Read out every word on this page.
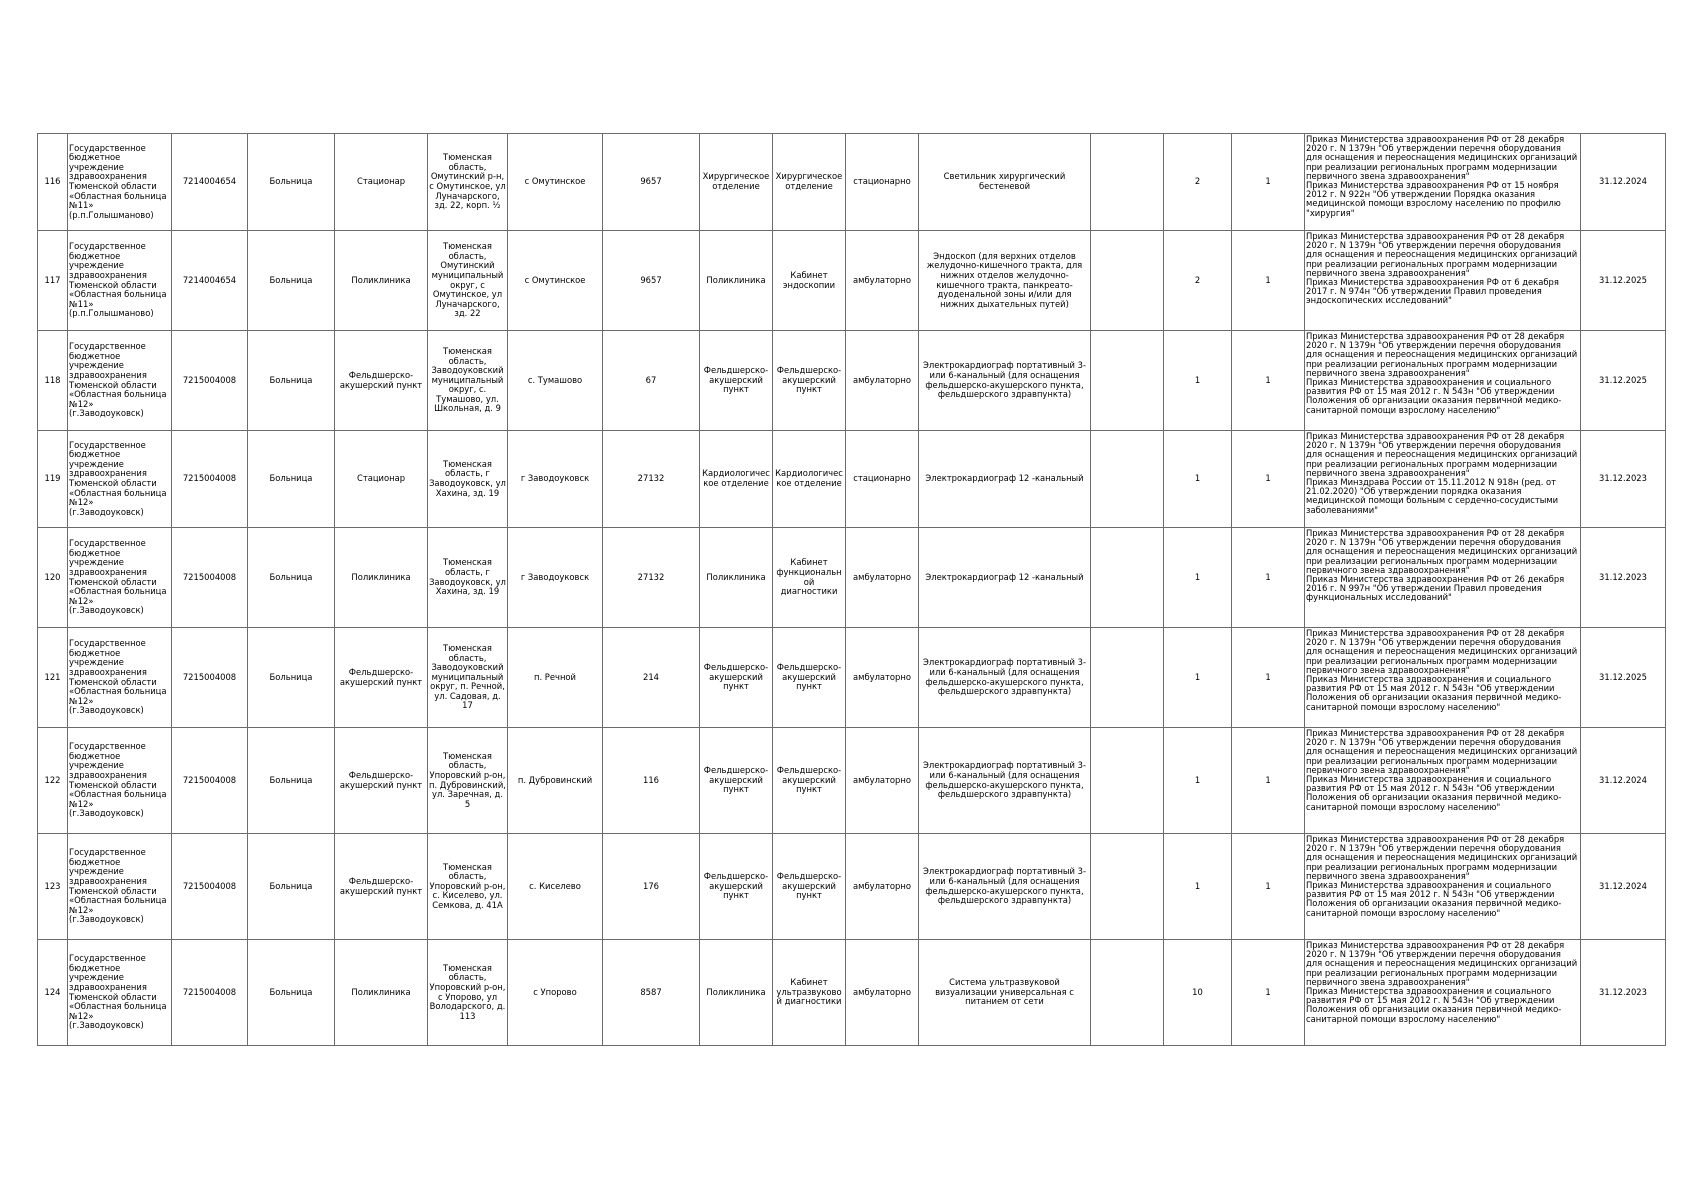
116	Государственное бюджетное учреждение здравоохранения Тюменской области «Областная больница №11» (р.п.Голышманово)	7214004654	Больница	Стационар	Тюменская область, Омутинский р-н, с Омутинское, ул Луначарского, зд. 22, корп. ½	с Омутинское	9657	Хирургическое отделение	Хирургическое отделение	стационарно	Светильник хирургический бестеневой		2	1	Приказ Министерства здравоохранения РФ от 28 декабря 2020 г. N 1379н "Об утверждении перечня оборудования для оснащения и переоснащения медицинских организаций при реализации региональных программ модернизации первичного звена здравоохранения"
Приказ Министерства здравоохранения РФ от 15 ноября 2012 г. N 922н "Об утверждении Порядка оказания медицинской помощи взрослому населению по профилю "хирургия"	31.12.2024
117	Государственное бюджетное учреждение здравоохранения Тюменской области «Областная больница №11» (р.п.Голышманово)	7214004654	Больница	Поликлиника	Тюменская область, Омутинский муниципальный округ, с Омутинское, ул Луначарского, зд. 22	с Омутинское	9657	Поликлиника	Кабинет эндоскопии	амбулаторно	Эндоскоп (для верхних отделов желудочно-кишечного тракта, для нижних отделов желудочно-кишечного тракта, панкреато-дуоденальной зоны и/или для нижних дыхательных путей)		2	1	Приказ Министерства здравоохранения РФ от 28 декабря 2020 г. N 1379н "Об утверждении перечня оборудования для оснащения и переоснащения медицинских организаций при реализации региональных программ модернизации первичного звена здравоохранения"
Приказ Министерства здравоохранения РФ от 6 декабря 2017 г. N 974н "Об утверждении Правил проведения эндоскопических исследований"	31.12.2025
118	Государственное бюджетное учреждение здравоохранения Тюменской области «Областная больница №12» (г.Заводоуковск)	7215004008	Больница	Фельдшерско-акушерский пункт	Тюменская область, Заводоуковский муниципальный округ, с. Тумашово, ул. Школьная, д. 9	с. Тумашово	67	Фельдшерско-акушерский пункт	Фельдшерско-акушерский пункт	амбулаторно	Электрокардиограф портативный 3- или 6-канальный (для оснащения фельдшерско-акушерского пункта, фельдшерского здравпункта)		1	1	Приказ Министерства здравоохранения РФ от 28 декабря 2020 г. N 1379н "Об утверждении перечня оборудования для оснащения и переоснащения медицинских организаций при реализации региональных программ модернизации первичного звена здравоохранения"
Приказ Министерства здравоохранения и социального развития РФ от 15 мая 2012 г. N 543н "Об утверждении Положения об организации оказания первичной медико-санитарной помощи взрослому населению"	31.12.2025
119	Государственное бюджетное учреждение здравоохранения Тюменской области «Областная больница №12» (г.Заводоуковск)	7215004008	Больница	Стационар	Тюменская область, г Заводоуковск, ул Хахина, зд. 19	г Заводоуковск	27132	Кардиологическое отделение	Кардиологическое отделение	стационарно	Электрокардиограф 12 -канальный		1	1	Приказ Министерства здравоохранения РФ от 28 декабря 2020 г. N 1379н "Об утверждении перечня оборудования для оснащения и переоснащения медицинских организаций при реализации региональных программ модернизации первичного звена здравоохранения"
Приказ Минздрава России от 15.11.2012 N 918н (ред. от 21.02.2020) "Об утверждении порядка оказания медицинской помощи больным с сердечно-сосудистыми заболеваниями"	31.12.2023
120	Государственное бюджетное учреждение здравоохранения Тюменской области «Областная больница №12» (г.Заводоуковск)	7215004008	Больница	Поликлиника	Тюменская область, г Заводоуковск, ул Хахина, зд. 19	г Заводоуковск	27132	Поликлиника	Кабинет функциональной диагностики	амбулаторно	Электрокардиограф 12 -канальный		1	1	Приказ Министерства здравоохранения РФ от 28 декабря 2020 г. N 1379н "Об утверждении перечня оборудования для оснащения и переоснащения медицинских организаций при реализации региональных программ модернизации первичного звена здравоохранения"
Приказ Министерства здравоохранения РФ от 26 декабря 2016 г. N 997н "Об утверждении Правил проведения функциональных исследований"	31.12.2023
121	Государственное бюджетное учреждение здравоохранения Тюменской области «Областная больница №12» (г.Заводоуковск)	7215004008	Больница	Фельдшерско-акушерский пункт	Тюменская область, Заводоуковский муниципальный округ, п. Речной, ул. Садовая, д. 17	п. Речной	214	Фельдшерско-акушерский пункт	Фельдшерско-акушерский пункт	амбулаторно	Электрокардиограф портативный 3- или 6-канальный (для оснащения фельдшерско-акушерского пункта, фельдшерского здравпункта)		1	1	Приказ Министерства здравоохранения РФ от 28 декабря 2020 г. N 1379н "Об утверждении перечня оборудования для оснащения и переоснащения медицинских организаций при реализации региональных программ модернизации первичного звена здравоохранения"
Приказ Министерства здравоохранения и социального развития РФ от 15 мая 2012 г. N 543н "Об утверждении Положения об организации оказания первичной медико-санитарной помощи взрослому населению"	31.12.2025
122	Государственное бюджетное учреждение здравоохранения Тюменской области «Областная больница №12» (г.Заводоуковск)	7215004008	Больница	Фельдшерско-акушерский пункт	Тюменская область, Упоровский р-он, п. Дубровинский, ул. Заречная, д. 5	п. Дубровинский	116	Фельдшерско-акушерский пункт	Фельдшерско-акушерский пункт	амбулаторно	Электрокардиограф портативный 3- или 6-канальный (для оснащения фельдшерско-акушерского пункта, фельдшерского здравпункта)		1	1	Приказ Министерства здравоохранения РФ от 28 декабря 2020 г. N 1379н "Об утверждении перечня оборудования для оснащения и переоснащения медицинских организаций при реализации региональных программ модернизации первичного звена здравоохранения"
Приказ Министерства здравоохранения и социального развития РФ от 15 мая 2012 г. N 543н "Об утверждении Положения об организации оказания первичной медико-санитарной помощи взрослому населению"	31.12.2024
123	Государственное бюджетное учреждение здравоохранения Тюменской области «Областная больница №12» (г.Заводоуковск)	7215004008	Больница	Фельдшерско-акушерский пункт	Тюменская область, Упоровский р-он, с. Киселево, ул. Семкова, д. 41А	с. Киселево	176	Фельдшерско-акушерский пункт	Фельдшерско-акушерский пункт	амбулаторно	Электрокардиограф портативный 3- или 6-канальный (для оснащения фельдшерско-акушерского пункта, фельдшерского здравпункта)		1	1	Приказ Министерства здравоохранения РФ от 28 декабря 2020 г. N 1379н "Об утверждении перечня оборудования для оснащения и переоснащения медицинских организаций при реализации региональных программ модернизации первичного звена здравоохранения"
Приказ Министерства здравоохранения и социального развития РФ от 15 мая 2012 г. N 543н "Об утверждении Положения об организации оказания первичной медико-санитарной помощи взрослому населению"	31.12.2024
124	Государственное бюджетное учреждение здравоохранения Тюменской области «Областная больница №12» (г.Заводоуковск)	7215004008	Больница	Поликлиника	Тюменская область, Упоровский р-он, с Упорово, ул Володарского, д. 113	с Упорово	8587	Поликлиника	Кабинет ультразвуковой диагностики	амбулаторно	Система ультразвуковой визуализации универсальная с питанием от сети		10	1	Приказ Министерства здравоохранения РФ от 28 декабря 2020 г. N 1379н "Об утверждении перечня оборудования для оснащения и переоснащения медицинских организаций при реализации региональных программ модернизации первичного звена здравоохранения"
Приказ Министерства здравоохранения и социального развития РФ от 15 мая 2012 г. N 543н "Об утверждении Положения об организации оказания первичной медико-санитарной помощи взрослому населению"	31.12.2023
